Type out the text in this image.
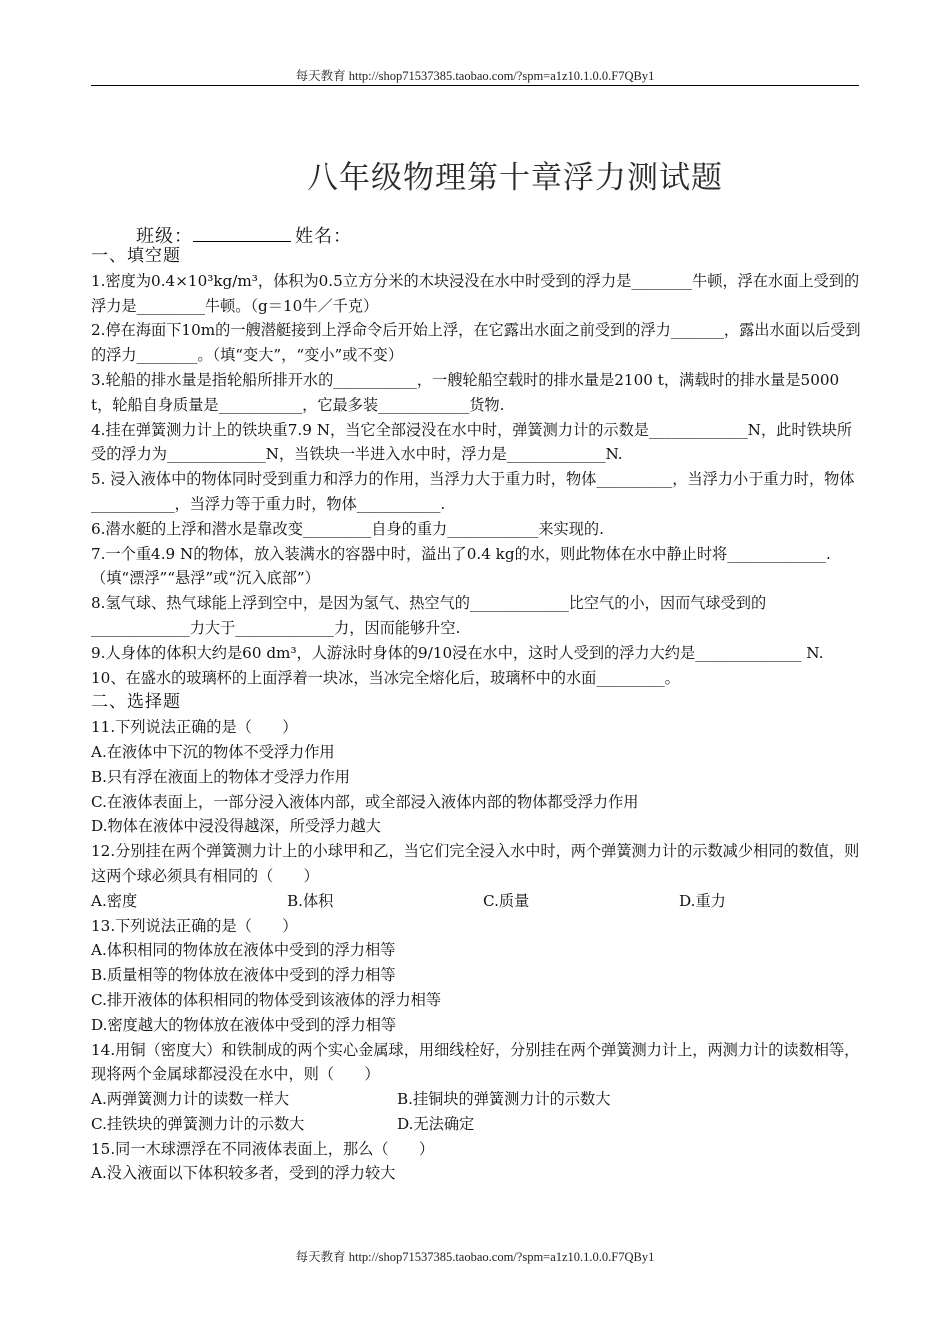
每天教育 http://shop71537385.taobao.com/?spm=a1z10.1.0.0.F7QBy1
八年级物理第十章浮力测试题
班级：	姓名：

一、填空题

1.密度为0.4×10³kg/m³，体积为0.5立方分米的木块浸没在水中时受到的浮力是________牛顿，浮在水面上受到的浮力是_________牛顿。（g＝10牛／千克）

2.停在海面下10m的一艘潜艇接到上浮命令后开始上浮，在它露出水面之前受到的浮力_______，露出水面以后受到的浮力________。（填“变大”，“变小”或不变）

3.轮船的排水量是指轮船所排开水的___________，一艘轮船空载时的排水量是2100 t，满载时的排水量是5000 t，轮船自身质量是___________，它最多装____________货物.

4.挂在弹簧测力计上的铁块重7.9 N，当它全部浸没在水中时，弹簧测力计的示数是_____________N，此时铁块所受的浮力为_____________N，当铁块一半进入水中时，浮力是_____________N.

5. 浸入液体中的物体同时受到重力和浮力的作用，当浮力大于重力时，物体__________，当浮力小于重力时，物体___________，当浮力等于重力时，物体___________.

6.潜水艇的上浮和潜水是靠改变_________自身的重力____________来实现的.

7.一个重4.9 N的物体，放入装满水的容器中时，溢出了0.4 kg的水，则此物体在水中静止时将_____________.（填“漂浮”“悬浮”或“沉入底部”）

8.氢气球、热气球能上浮到空中，是因为氢气、热空气的_____________比空气的小，因而气球受到的_____________力大于_____________力，因而能够升空.

9.人身体的体积大约是60 dm³，人游泳时身体的9/10浸在水中，这时人受到的浮力大约是______________ N.

10、在盛水的玻璃杯的上面浮着一块冰，当冰完全熔化后，玻璃杯中的水面_________。

二、选择题

11.下列说法正确的是（　　）

A.在液体中下沉的物体不受浮力作用

B.只有浮在液面上的物体才受浮力作用

C.在液体表面上，一部分浸入液体内部，或全部浸入液体内部的物体都受浮力作用

D.物体在液体中浸没得越深，所受浮力越大

12.分别挂在两个弹簧测力计上的小球甲和乙，当它们完全浸入水中时，两个弹簧测力计的示数减少相同的数值，则这两个球必须具有相同的（　　）

A.密度	B.体积	C.质量	D.重力

13.下列说法正确的是（　　）

A.体积相同的物体放在液体中受到的浮力相等

B.质量相等的物体放在液体中受到的浮力相等

C.排开液体的体积相同的物体受到该液体的浮力相等

D.密度越大的物体放在液体中受到的浮力相等

14.用铜（密度大）和铁制成的两个实心金属球，用细线栓好，分别挂在两个弹簧测力计上，两测力计的读数相等，现将两个金属球都浸没在水中，则（　　）

A.两弹簧测力计的读数一样大	B.挂铜块的弹簧测力计的示数大

C.挂铁块的弹簧测力计的示数大	D.无法确定

15.同一木球漂浮在不同液体表面上，那么（　　）

A.没入液面以下体积较多者，受到的浮力较大

每天教育 http://shop71537385.taobao.com/?spm=a1z10.1.0.0.F7QBy1
